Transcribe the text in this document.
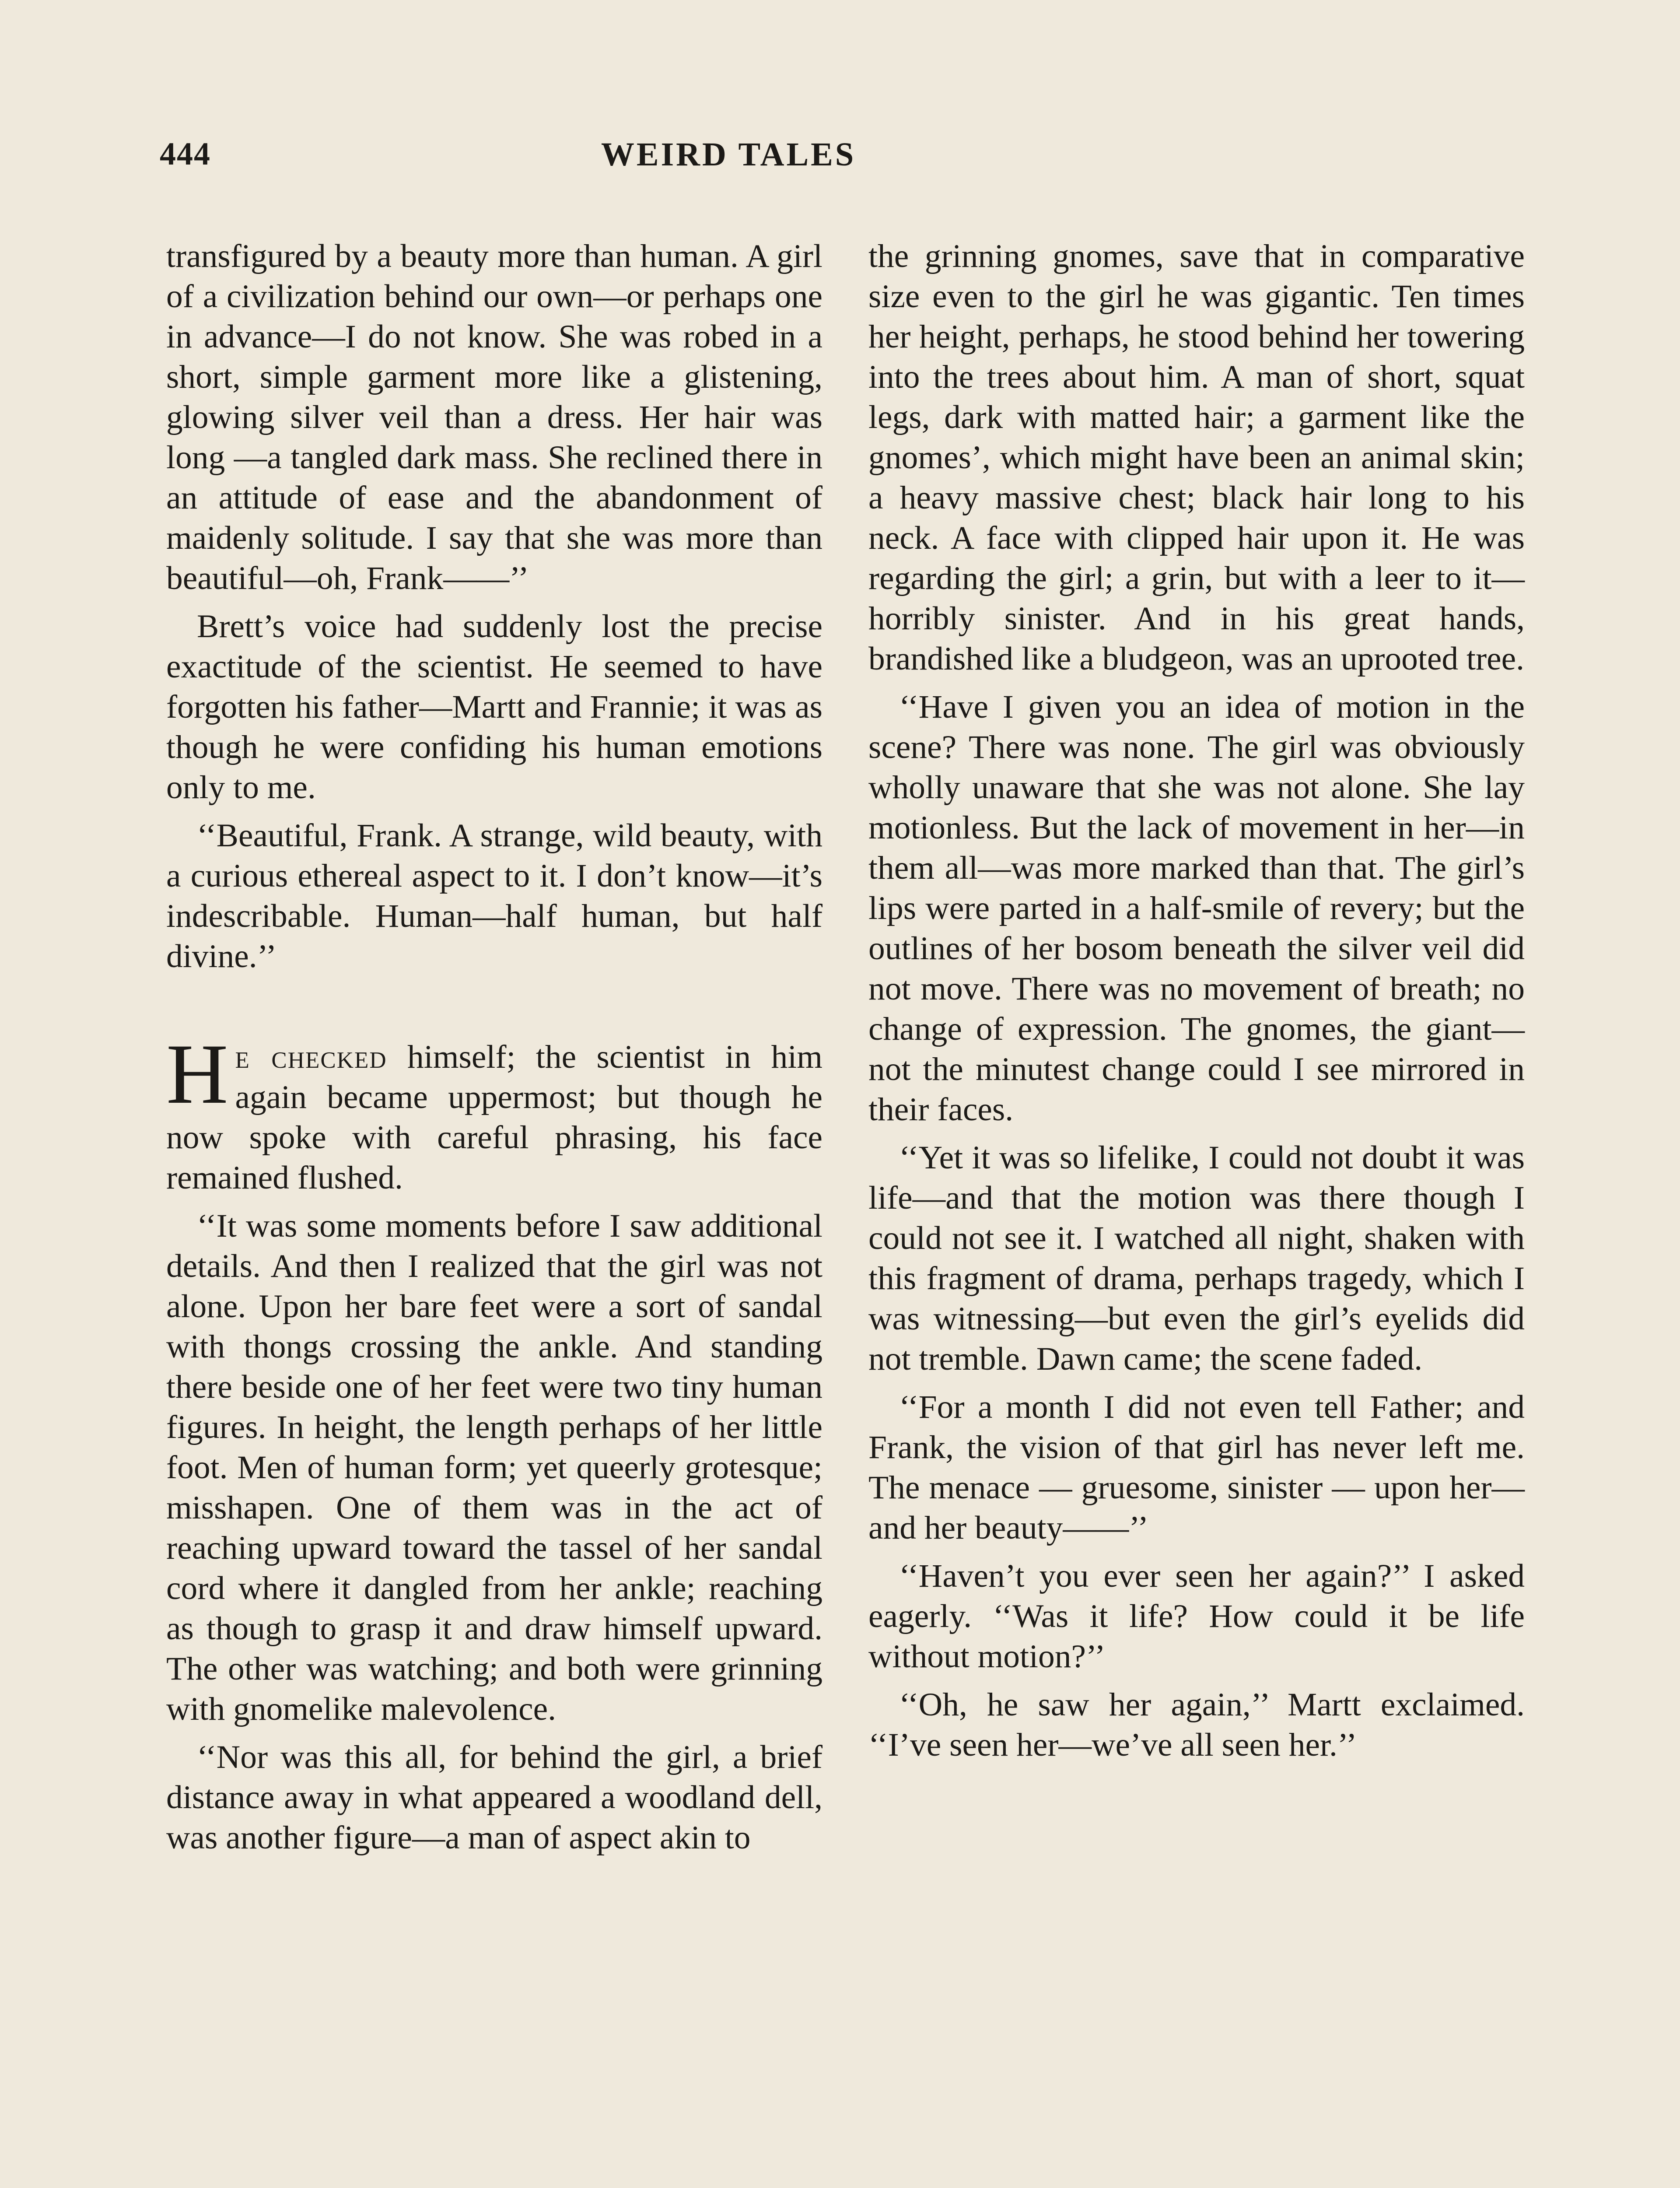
444	WEIRD TALES

transfigured by a beauty more than human. A girl of a civilization behind our own—or perhaps one in advance—I do not know. She was robed in a short, simple garment more like a glistening, glowing silver veil than a dress. Her hair was long —a tangled dark mass. She reclined there in an attitude of ease and the abandonment of maidenly solitude. I say that she was more than beautiful—oh, Frank——’’

Brett’s voice had suddenly lost the precise exactitude of the scientist. He seemed to have forgotten his father—Martt and Frannie; it was as though he were confiding his human emotions only to me.

‘‘Beautiful, Frank. A strange, wild beauty, with a curious ethereal aspect to it. I don’t know—it’s indescribable. Human—half human, but half divine.’’

He checked himself; the scientist in him again became uppermost; but though he now spoke with careful phrasing, his face remained flushed.

‘‘It was some moments before I saw additional details. And then I realized that the girl was not alone. Upon her bare feet were a sort of sandal with thongs crossing the ankle. And standing there beside one of her feet were two tiny human figures. In height, the length perhaps of her little foot. Men of human form; yet queerly grotesque; misshapen. One of them was in the act of reaching upward toward the tassel of her sandal cord where it dangled from her ankle; reaching as though to grasp it and draw himself upward. The other was watching; and both were grinning with gnomelike malevolence.

‘‘Nor was this all, for behind the girl, a brief distance away in what appeared a woodland dell, was another figure—a man of aspect akin to

the grinning gnomes, save that in comparative size even to the girl he was gigantic. Ten times her height, perhaps, he stood behind her towering into the trees about him. A man of short, squat legs, dark with matted hair; a garment like the gnomes’, which might have been an animal skin; a heavy massive chest; black hair long to his neck. A face with clipped hair upon it. He was regarding the girl; a grin, but with a leer to it—horribly sinister. And in his great hands, brandished like a bludgeon, was an uprooted tree.

‘‘Have I given you an idea of motion in the scene? There was none. The girl was obviously wholly unaware that she was not alone. She lay motionless. But the lack of movement in her—in them all—was more marked than that. The girl’s lips were parted in a half-smile of revery; but the outlines of her bosom beneath the silver veil did not move. There was no movement of breath; no change of expression. The gnomes, the giant—not the minutest change could I see mirrored in their faces.

‘‘Yet it was so lifelike, I could not doubt it was life—and that the motion was there though I could not see it. I watched all night, shaken with this fragment of drama, perhaps tragedy, which I was witnessing—but even the girl’s eyelids did not tremble. Dawn came; the scene faded.

‘‘For a month I did not even tell Father; and Frank, the vision of that girl has never left me. The menace — gruesome, sinister — upon her—and her beauty——’’

‘‘Haven’t you ever seen her again?’’ I asked eagerly. ‘‘Was it life? How could it be life without motion?’’

‘‘Oh, he saw her again,’’ Martt exclaimed. ‘‘I’ve seen her—we’ve all seen her.’’
